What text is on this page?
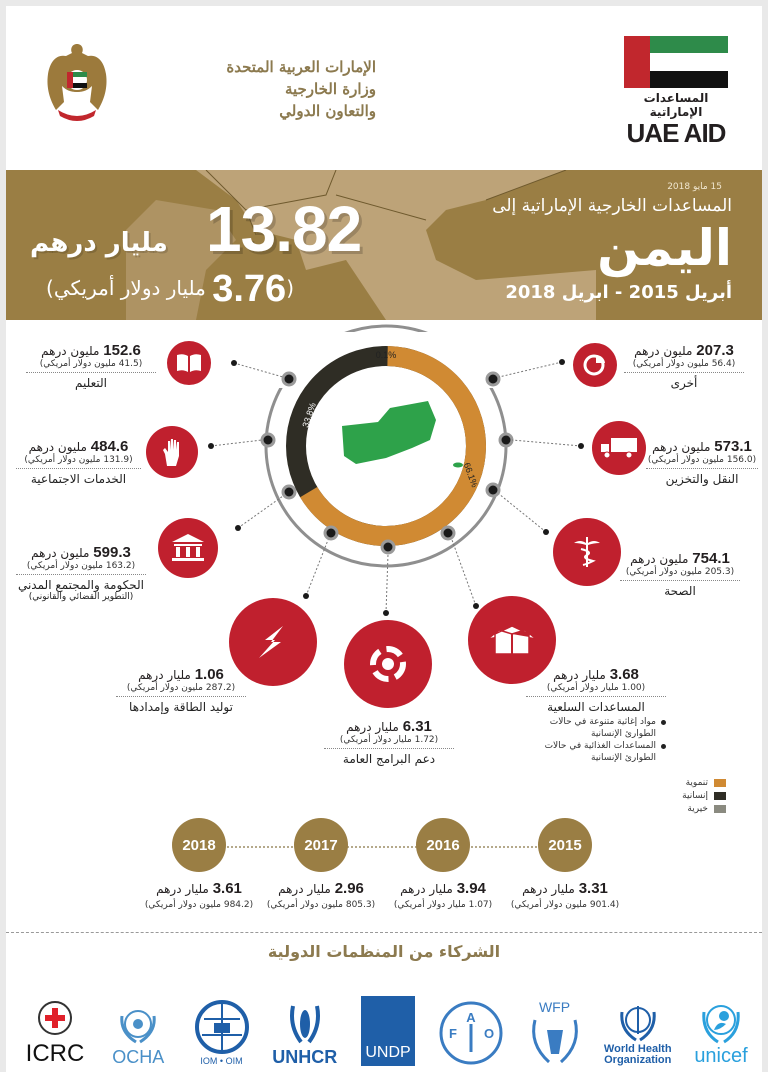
الإمارات العربية المتحدة
وزارة الخارجية
والتعاون الدولي
المساعدات الإماراتية
UAE AID
15 مايو 2018
المساعدات الخارجية الإماراتية إلى
اليمن
أبريل 2015 - ابريل 2018
13.82
مليار درهم
(3.76 مليار دولار أمريكي)
0.1%
33.8%
66.1%
152.6 مليون درهم
(41.5 مليون دولار أمريكي)
التعليم
484.6 مليون درهم
(131.9 مليون دولار أمريكي)
الخدمات الاجتماعية
599.3 مليون درهم
(163.2 مليون دولار أمريكي)
الحكومة والمجتمع المدني
(التطوير القضائي والقانوني)
1.06 مليار درهم
(287.2 مليون دولار أمريكي)
توليد الطاقة وإمدادها
6.31 مليار درهم
(1.72 مليار دولار أمريكي)
دعم البرامج العامة
3.68 مليار درهم
(1.00 مليار دولار أمريكي)
المساعدات السلعية
مواد إغاثية متنوعة في حالات الطوارئ الإنسانية
المساعدات الغذائية في حالات الطوارئ الإنسانية
754.1 مليون درهم
(205.3 مليون دولار أمريكي)
الصحة
573.1 مليون درهم
(156.0 مليون دولار أمريكي)
النقل والتخزين
207.3 مليون درهم
(56.4 مليون دولار أمريكي)
أخرى
تنموية
إنسانية
خيرية
2015
3.31 مليار درهم
(901.4 مليون دولار أمريكي)
2016
3.94 مليار درهم
(1.07 مليار دولار أمريكي)
2017
2.96 مليار درهم
(805.3 مليون دولار أمريكي)
2018
3.61 مليار درهم
(984.2 مليون دولار أمريكي)
الشركاء من المنظمات الدولية
ICRC OCHA	IOM • OIM UNHCR UNDP
A
F O
WFP
World Health Organization unicef
